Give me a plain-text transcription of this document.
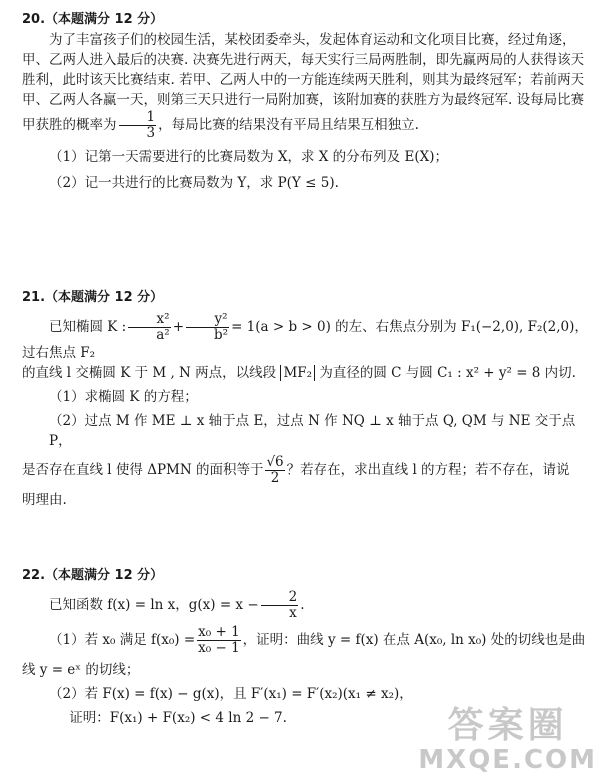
20.（本题满分 12 分）

为了丰富孩子们的校园生活，某校团委牵头，发起体育运动和文化项目比赛，经过角逐，甲、乙两人进入最后的决赛. 决赛先进行两天，每天实行三局两胜制，即先赢两局的人获得该天胜利，此时该天比赛结束. 若甲、乙两人中的一方能连续两天胜利，则其为最终冠军；若前两天甲、乙两人各赢一天，则第三天只进行一局附加赛，该附加赛的获胜方为最终冠军. 设每局比赛甲获胜的概率为 $\frac{1}{3}$ ，每局比赛的结果没有平局且结果互相独立.

（1）记第一天需要进行的比赛局数为 X，求 X 的分布列及 E(X)；

（2）记一共进行的比赛局数为 Y，求 P(Y ≤ 5).

21.（本题满分 12 分）

已知椭圆 K : $\frac{\text{x²}}{\text{a²}} + \frac{\text{y²}}{\text{b²}} = 1(a > b > 0)$ 的左、右焦点分别为 F₁(−2,0), F₂(2,0)，过右焦点 F₂

的直线 l 交椭圆 K 于 M , N 两点，以线段 MF₂ 为直径的圆 C 与圆 C₁ : x² + y² = 8 内切.

（1）求椭圆 K 的方程；

（2）过点 M 作 ME ⊥ x 轴于点 E，过点 N 作 NQ ⊥ x 轴于点 Q, QM 与 NE 交于点 P，

是否存在直线 l 使得 ΔPMN 的面积等于 $\frac{√6}{2}$ ？若存在，求出直线 l 的方程；若不存在，请说

明理由.

22.（本题满分 12 分）

已知函数 f(x) = ln x，$g(x) = x - \frac{2}{x}$ .

（1）若 x₀ 满足 $f(x_0) = \frac{\text{x₀ + 1}}{\text{x₀ − 1}}$ ，证明：曲线 y = f(x) 在点 A(x₀, ln x₀) 处的切线也是曲

线 y = eˣ 的切线；

（2）若 F(x) = f(x) − g(x)，且 F′(x₁) = F′(x₂)(x₁ ≠ x₂)，

证明：F(x₁) + F(x₂) < 4 ln 2 − 7.	答案圈
MXQE.COM
